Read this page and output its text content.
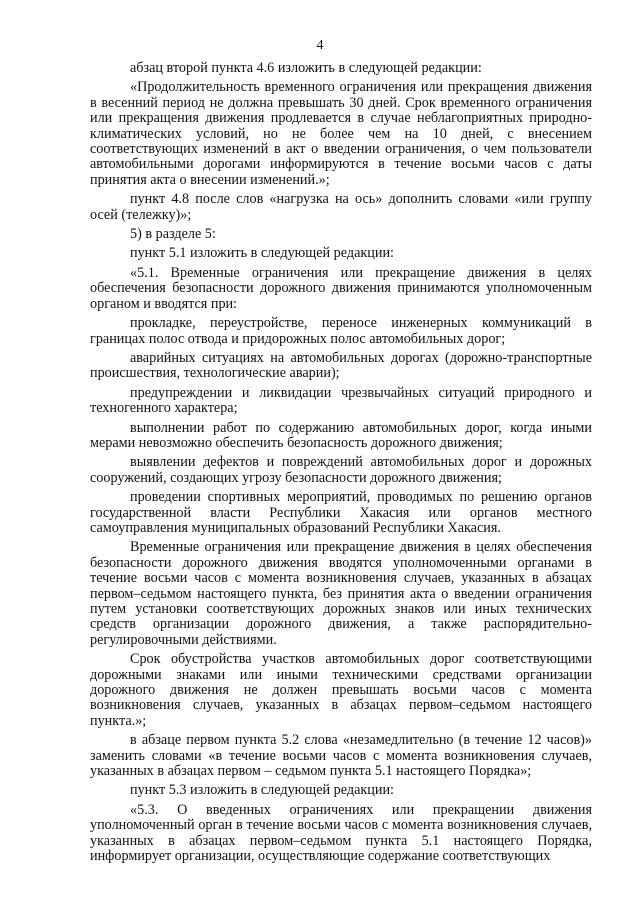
4

абзац второй пункта 4.6 изложить в следующей редакции:

«Продолжительность временного ограничения или прекращения движения в весенний период не должна превышать 30 дней. Срок временного ограничения или прекращения движения продлевается в случае неблагоприятных природно-климатических условий, но не более чем на 10 дней, с внесением соответствующих изменений в акт о введении ограничения, о чем пользователи автомобильными дорогами информируются в течение восьми часов с даты принятия акта о внесении изменений.»;

пункт 4.8 после слов «нагрузка на ось» дополнить словами «или группу осей (тележку)»;

5) в разделе 5:

пункт 5.1 изложить в следующей редакции:

«5.1. Временные ограничения или прекращение движения в целях обеспечения безопасности дорожного движения принимаются уполномоченным органом и вводятся при:

прокладке, переустройстве, переносе инженерных коммуникаций в границах полос отвода и придорожных полос автомобильных дорог;

аварийных ситуациях на автомобильных дорогах (дорожно-транспортные происшествия, технологические аварии);

предупреждении и ликвидации чрезвычайных ситуаций природного и техногенного характера;

выполнении работ по содержанию автомобильных дорог, когда иными мерами невозможно обеспечить безопасность дорожного движения;

выявлении дефектов и повреждений автомобильных дорог и дорожных сооружений, создающих угрозу безопасности дорожного движения;

проведении спортивных мероприятий, проводимых по решению органов государственной власти Республики Хакасия или органов местного самоуправления муниципальных образований Республики Хакасия.

Временные ограничения или прекращение движения в целях обеспечения безопасности дорожного движения вводятся уполномоченными органами в течение восьми часов с момента возникновения случаев, указанных в абзацах первом–седьмом настоящего пункта, без принятия акта о введении ограничения путем установки соответствующих дорожных знаков или иных технических средств организации дорожного движения, а также распорядительно-регулировочными действиями.

Срок обустройства участков автомобильных дорог соответствующими дорожными знаками или иными техническими средствами организации дорожного движения не должен превышать восьми часов с момента возникновения случаев, указанных в абзацах первом–седьмом настоящего пункта.»;

в абзаце первом пункта 5.2 слова «незамедлительно (в течение 12 часов)» заменить словами «в течение восьми часов с момента возникновения случаев, указанных в абзацах первом – седьмом пункта 5.1 настоящего Порядка»;

пункт 5.3 изложить в следующей редакции:

«5.3. О введенных ограничениях или прекращении движения уполномоченный орган в течение восьми часов с момента возникновения случаев, указанных в абзацах первом–седьмом пункта 5.1 настоящего Порядка, информирует организации, осуществляющие содержание соответствующих
